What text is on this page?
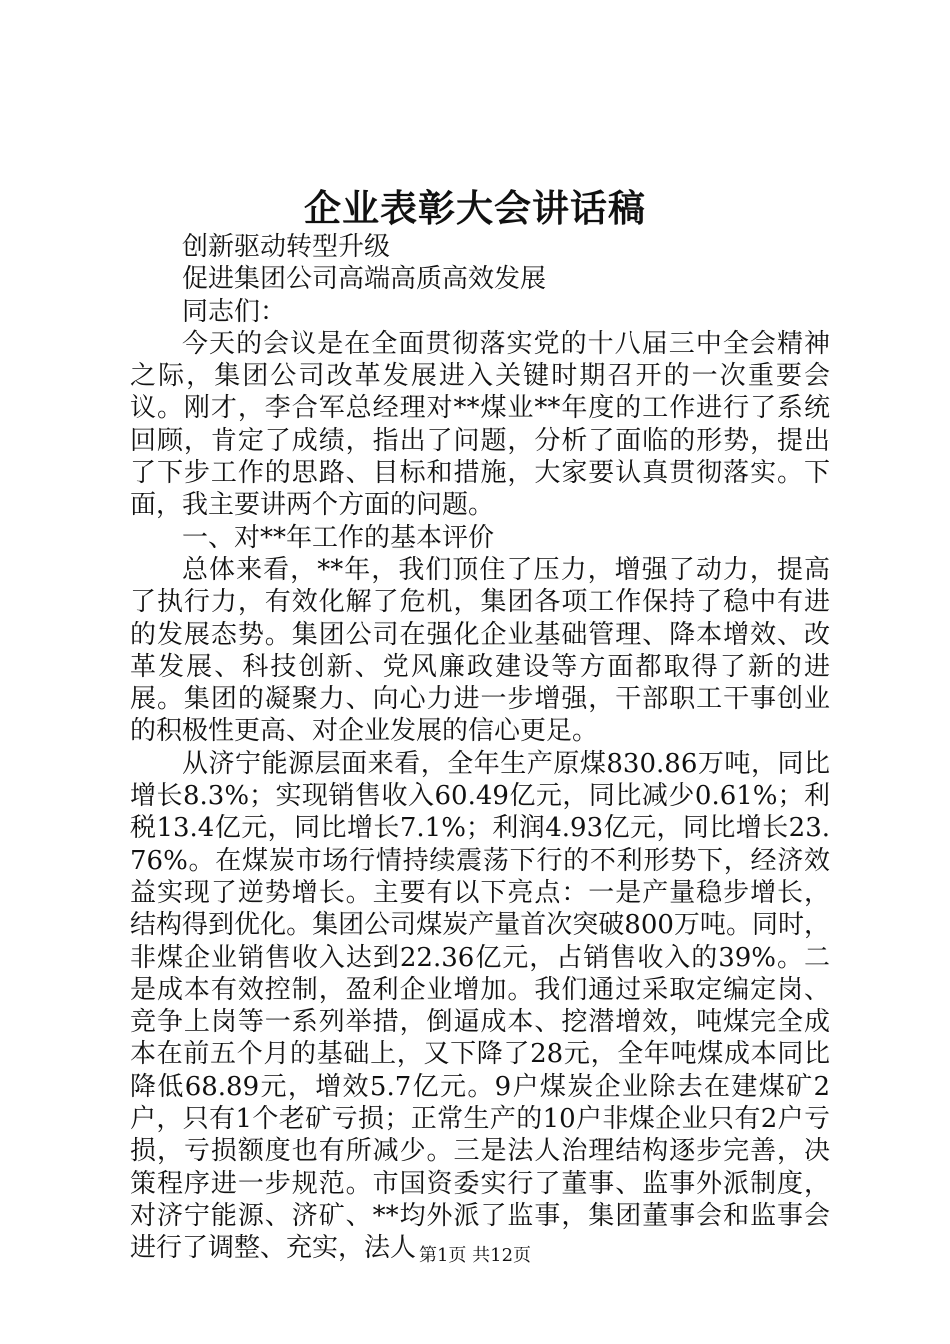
企业表彰大会讲话稿

创新驱动转型升级

促进集团公司高端高质高效发展

同志们：

今天的会议是在全面贯彻落实党的十八届三中全会精神之际，集团公司改革发展进入关键时期召开的一次重要会议。刚才，李合军总经理对**煤业**年度的工作进行了系统回顾，肯定了成绩，指出了问题，分析了面临的形势，提出了下步工作的思路、目标和措施，大家要认真贯彻落实。下面，我主要讲两个方面的问题。

一、对**年工作的基本评价

总体来看，**年，我们顶住了压力，增强了动力，提高了执行力，有效化解了危机，集团各项工作保持了稳中有进的发展态势。集团公司在强化企业基础管理、降本增效、改革发展、科技创新、党风廉政建设等方面都取得了新的进展。集团的凝聚力、向心力进一步增强，干部职工干事创业的积极性更高、对企业发展的信心更足。

从济宁能源层面来看，全年生产原煤830.86万吨，同比增长8.3%；实现销售收入60.49亿元，同比减少0.61%；利税13.4亿元，同比增长7.1%；利润4.93亿元，同比增长23.76%。在煤炭市场行情持续震荡下行的不利形势下，经济效益实现了逆势增长。主要有以下亮点：一是产量稳步增长，结构得到优化。集团公司煤炭产量首次突破800万吨。同时，非煤企业销售收入达到22.36亿元，占销售收入的39%。二是成本有效控制，盈利企业增加。我们通过采取定编定岗、竞争上岗等一系列举措，倒逼成本、挖潜增效，吨煤完全成本在前五个月的基础上，又下降了28元，全年吨煤成本同比降低68.89元，增效5.7亿元。9户煤炭企业除去在建煤矿2户，只有1个老矿亏损；正常生产的10户非煤企业只有2户亏损，亏损额度也有所减少。三是法人治理结构逐步完善，决策程序进一步规范。市国资委实行了董事、监事外派制度，对济宁能源、济矿、**均外派了监事，集团董事会和监事会进行了调整、充实，法人 第1页 共12页
